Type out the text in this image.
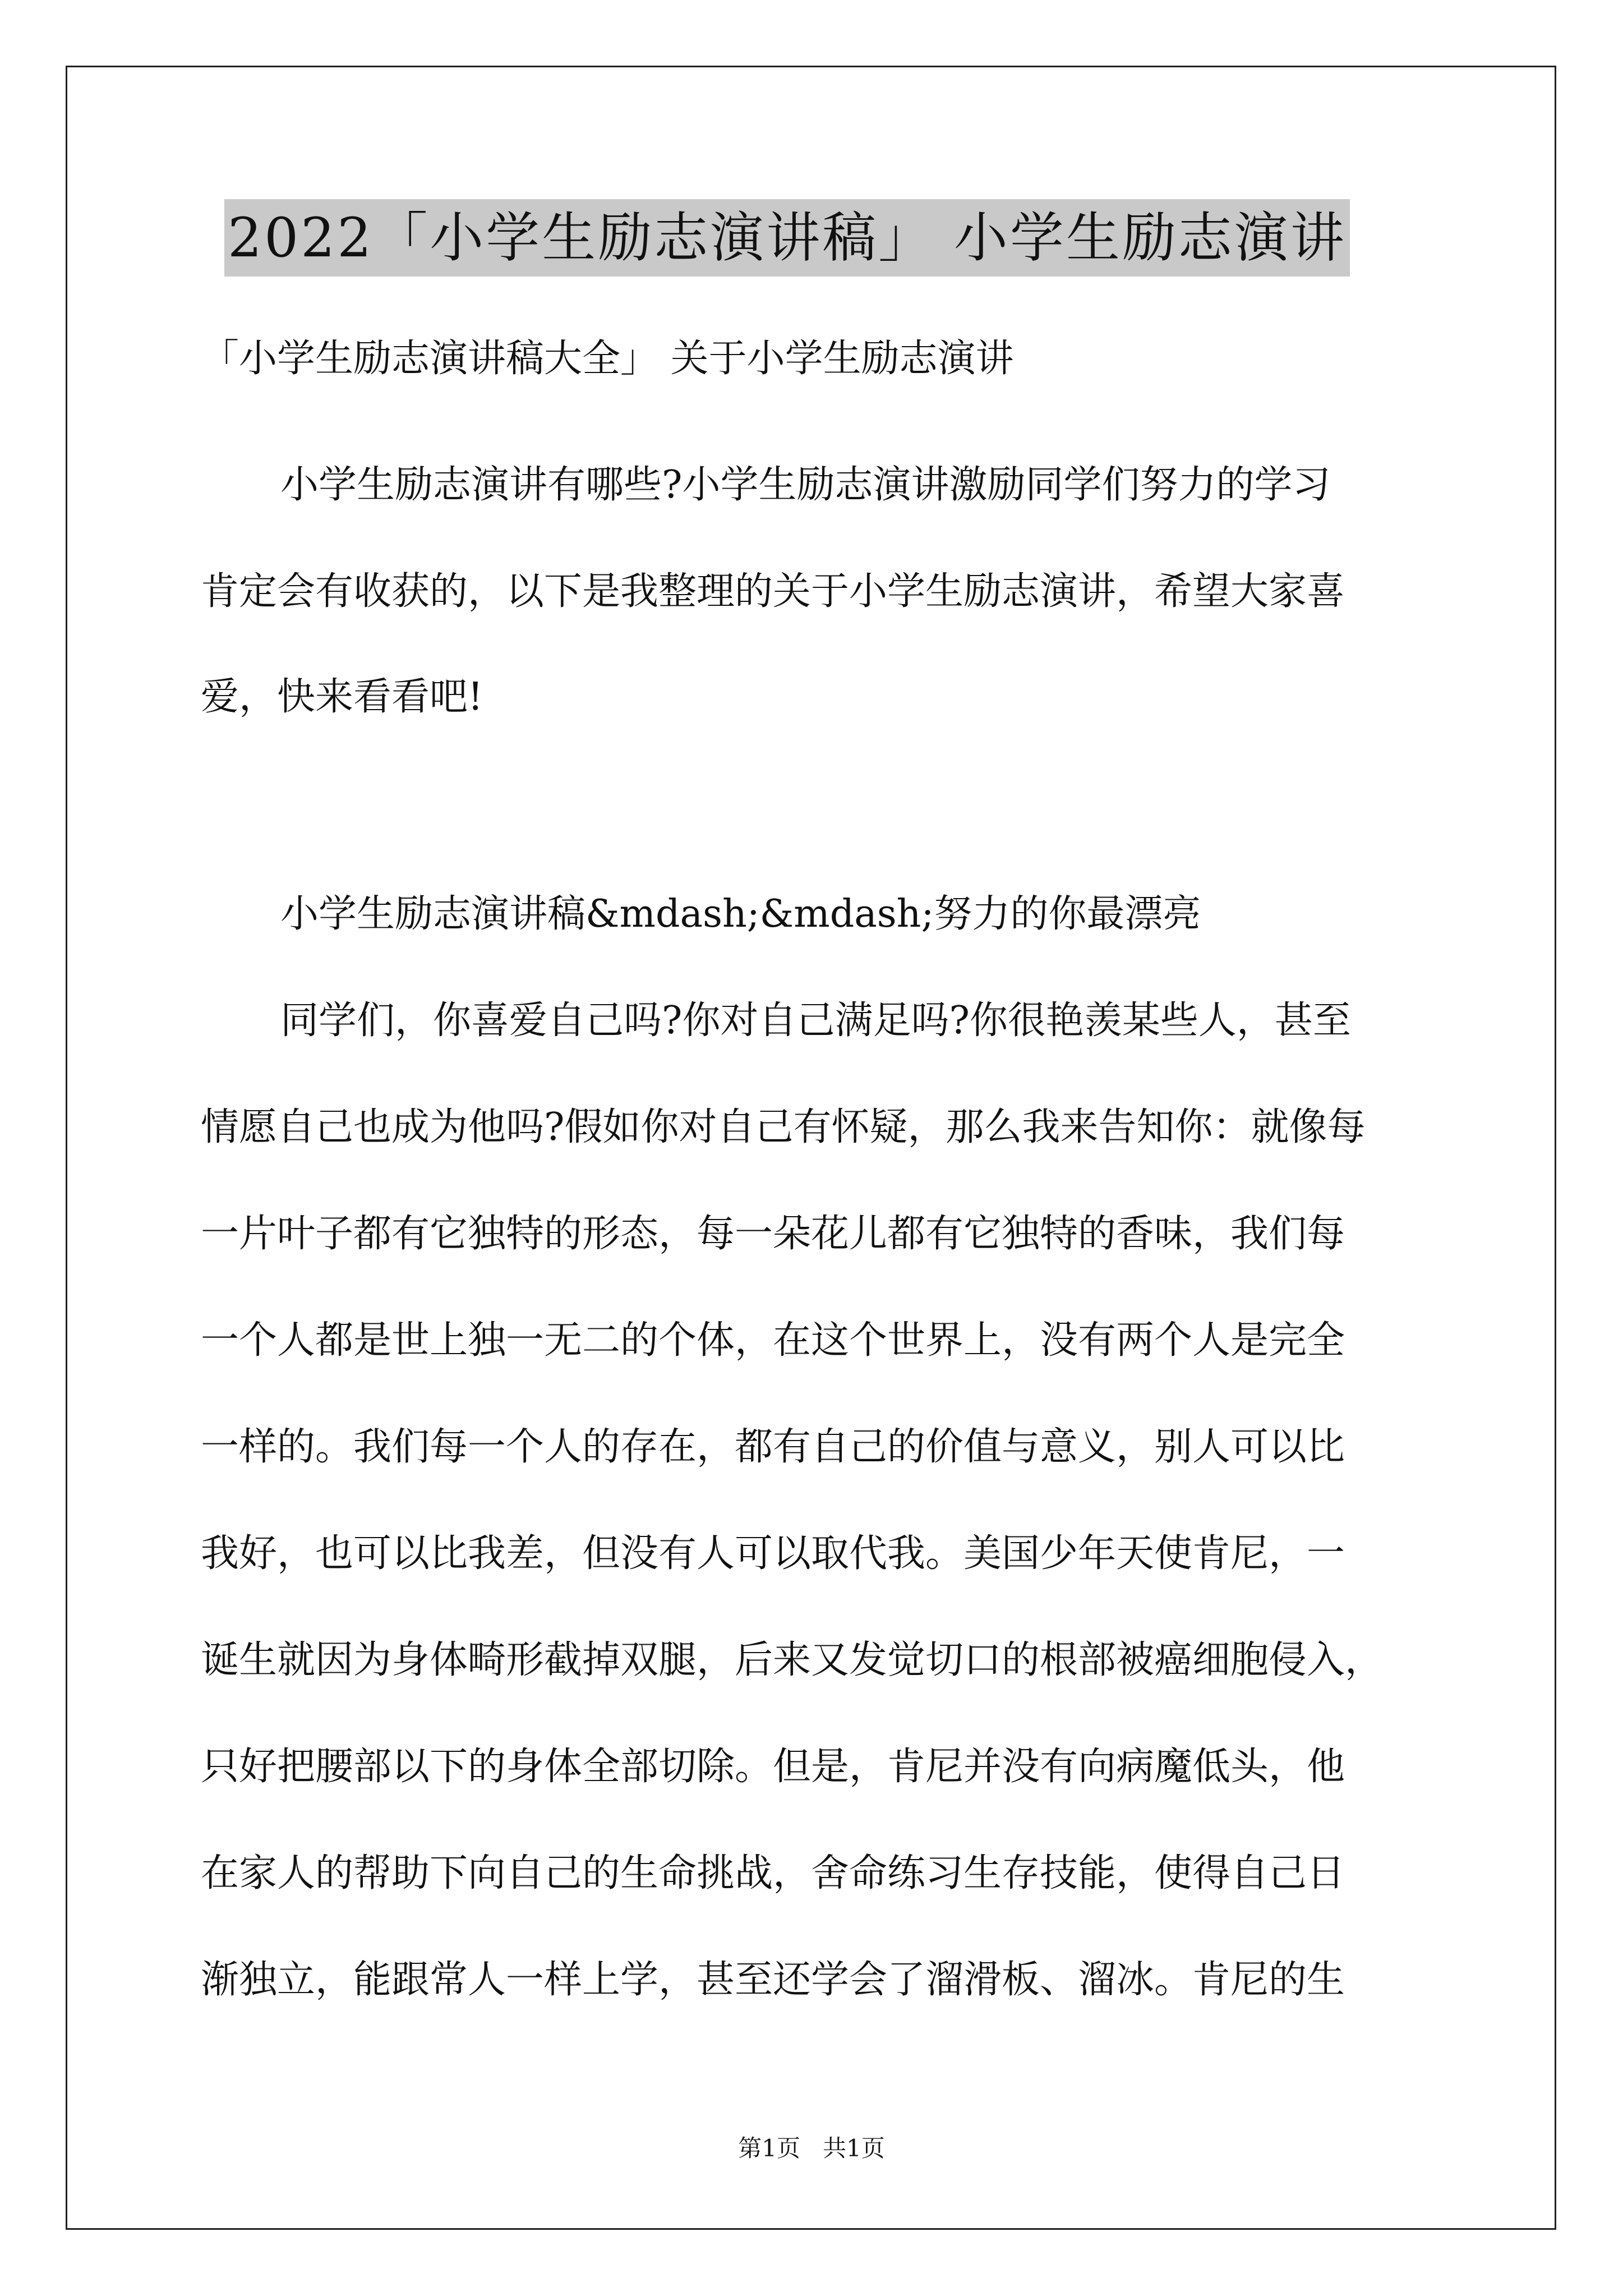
2022「小学生励志演讲稿」 小学生励志演讲
「小学生励志演讲稿大全」 关于小学生励志演讲
小学生励志演讲有哪些?小学生励志演讲激励同学们努力的学习
肯定会有收获的，以下是我整理的关于小学生励志演讲，希望大家喜
爱，快来看看吧!
小学生励志演讲稿&mdash;&mdash;努力的你最漂亮
同学们，你喜爱自己吗?你对自己满足吗?你很艳羡某些人，甚至
情愿自己也成为他吗?假如你对自己有怀疑，那么我来告知你：就像每
一片叶子都有它独特的形态，每一朵花儿都有它独特的香味，我们每
一个人都是世上独一无二的个体，在这个世界上，没有两个人是完全
一样的。我们每一个人的存在，都有自己的价值与意义，别人可以比
我好，也可以比我差，但没有人可以取代我。美国少年天使肯尼，一
诞生就因为身体畸形截掉双腿，后来又发觉切口的根部被癌细胞侵入，
只好把腰部以下的身体全部切除。但是，肯尼并没有向病魔低头，他
在家人的帮助下向自己的生命挑战，舍命练习生存技能，使得自己日
渐独立，能跟常人一样上学，甚至还学会了溜滑板、溜冰。肯尼的生
第1页   共1页
